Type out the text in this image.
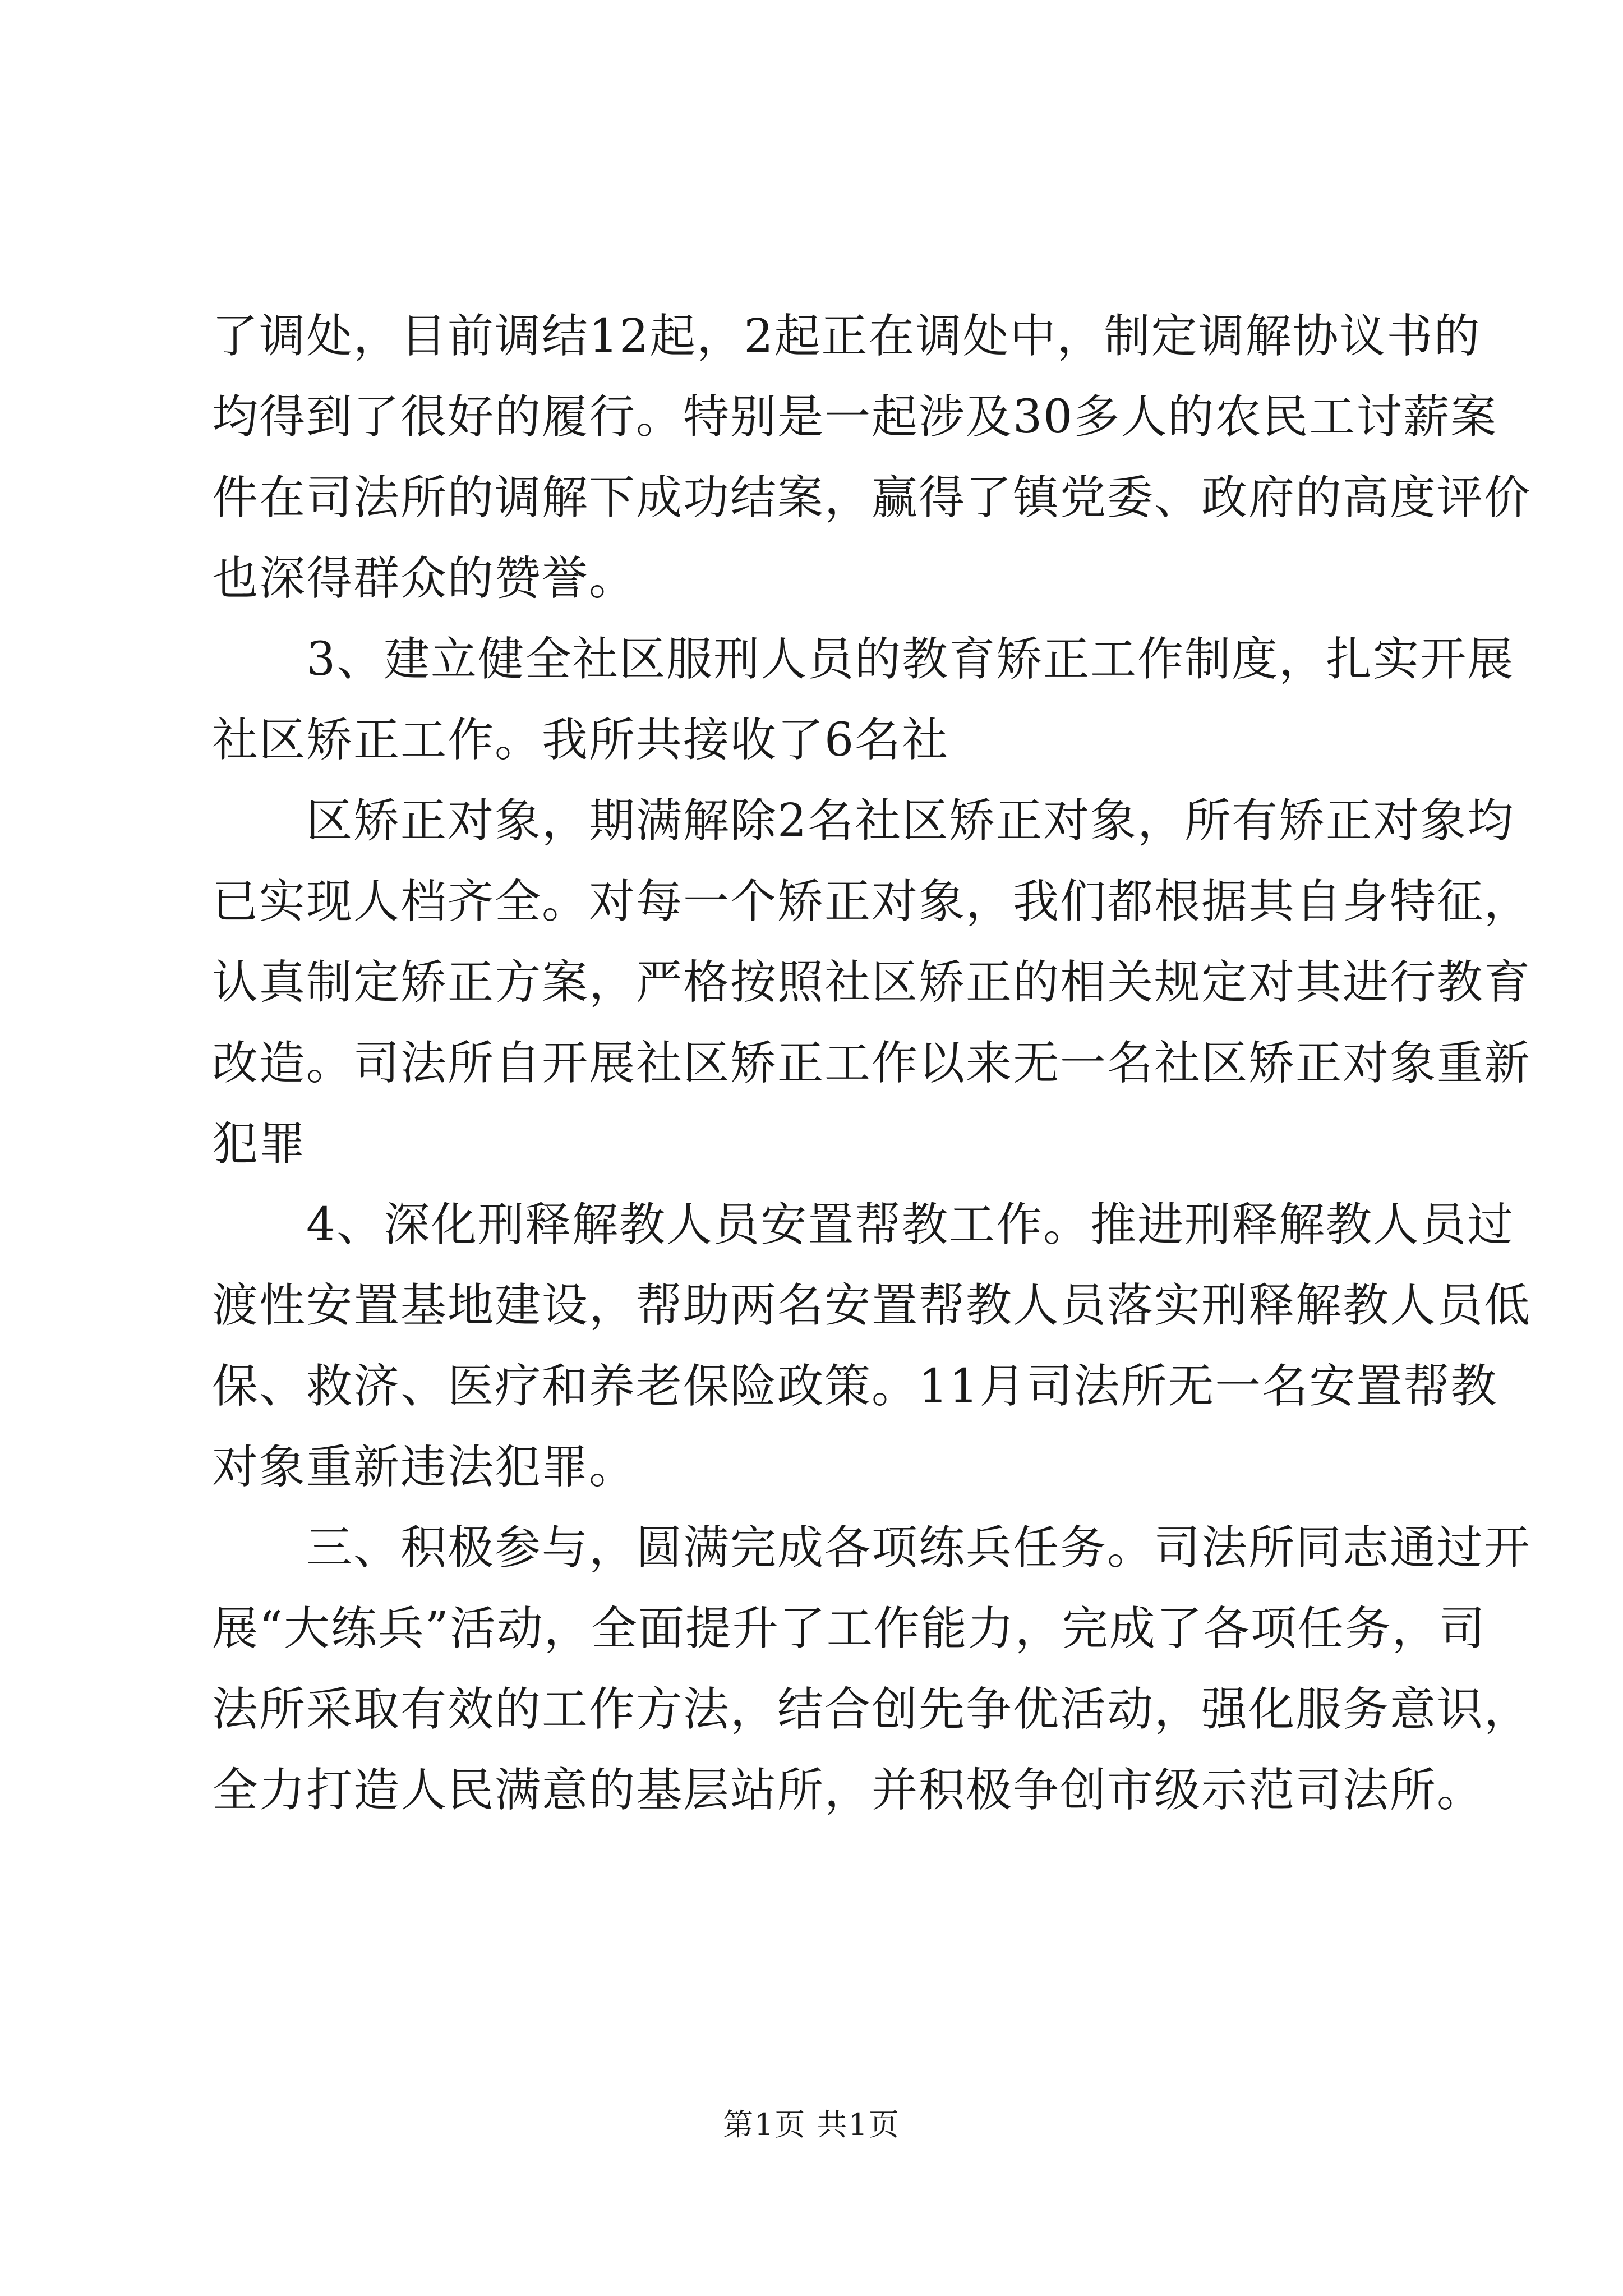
了调处，目前调结12起，2起正在调处中，制定调解协议书的
均得到了很好的履行。特别是一起涉及30多人的农民工讨薪案
件在司法所的调解下成功结案，赢得了镇党委、政府的高度评价
也深得群众的赞誉。
3、建立健全社区服刑人员的教育矫正工作制度，扎实开展
社区矫正工作。我所共接收了6名社
区矫正对象，期满解除2名社区矫正对象，所有矫正对象均
已实现人档齐全。对每一个矫正对象，我们都根据其自身特征，
认真制定矫正方案，严格按照社区矫正的相关规定对其进行教育
改造。司法所自开展社区矫正工作以来无一名社区矫正对象重新
犯罪
4、深化刑释解教人员安置帮教工作。推进刑释解教人员过
渡性安置基地建设，帮助两名安置帮教人员落实刑释解教人员低
保、救济、医疗和养老保险政策。11月司法所无一名安置帮教
对象重新违法犯罪。
三、积极参与，圆满完成各项练兵任务。司法所同志通过开
展“大练兵”活动，全面提升了工作能力，完成了各项任务，司
法所采取有效的工作方法，结合创先争优活动，强化服务意识，
全力打造人民满意的基层站所，并积极争创市级示范司法所。
第1页 共1页
